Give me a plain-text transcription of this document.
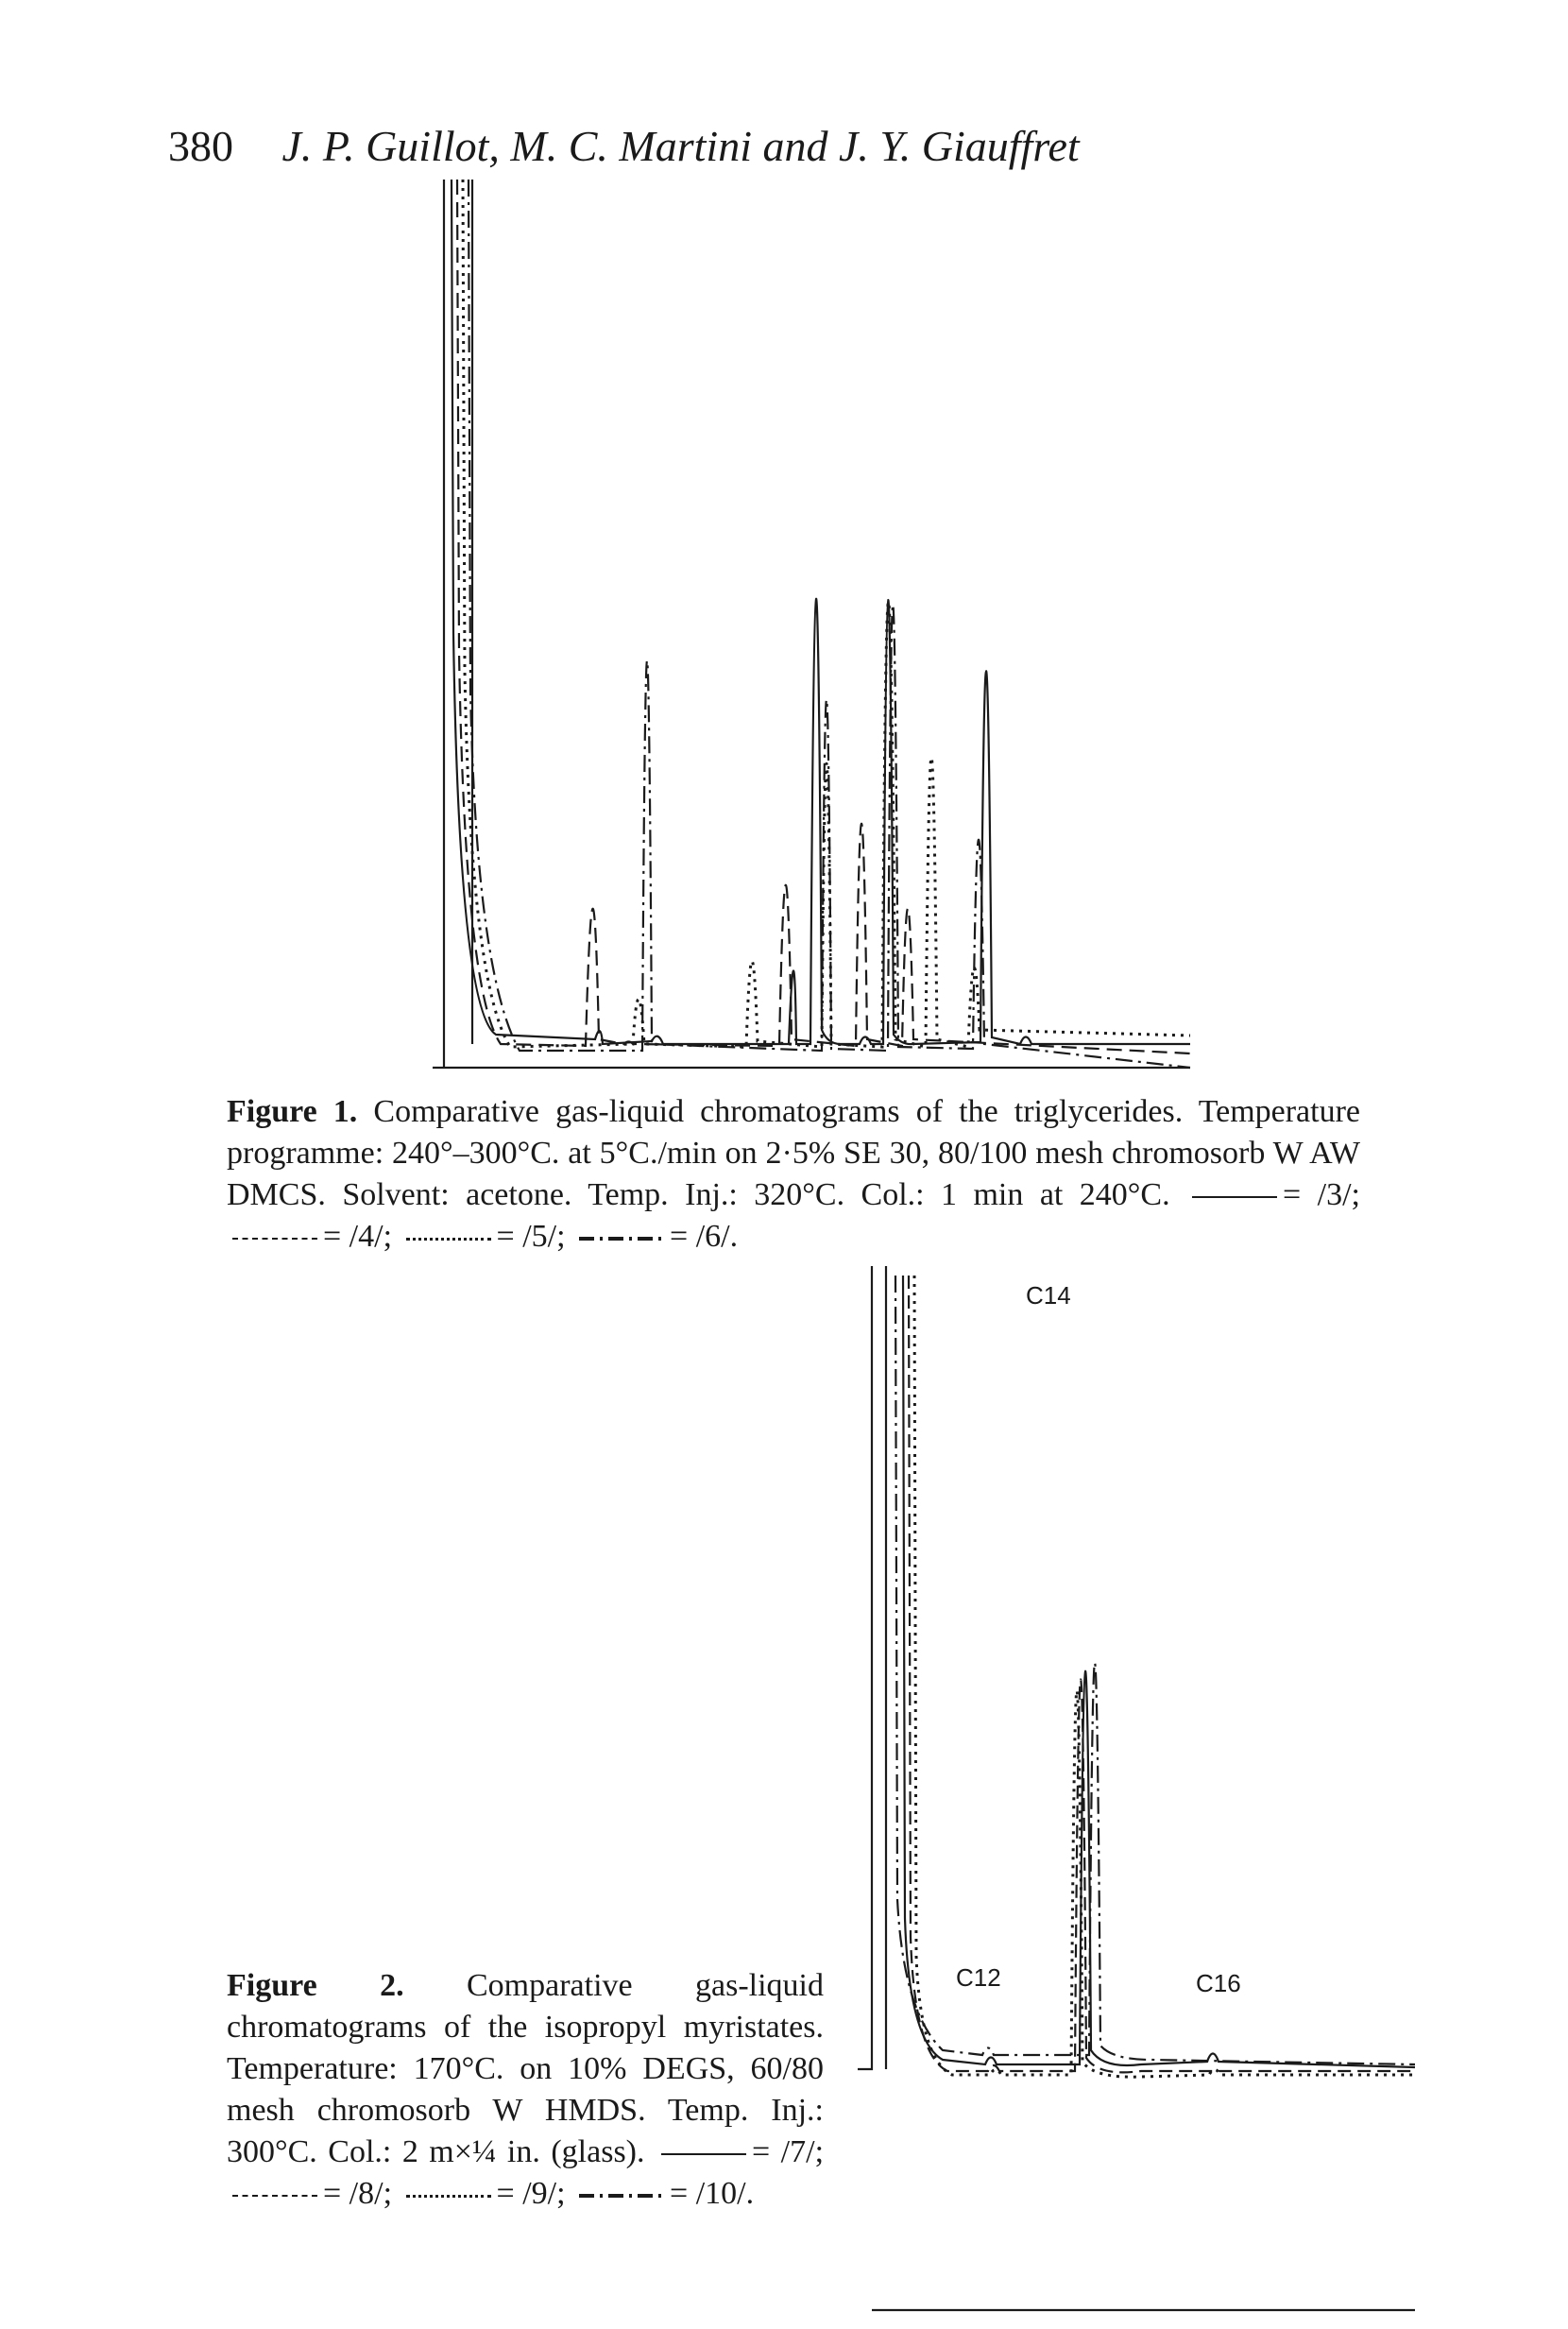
380 J. P. Guillot, M. C. Martini and J. Y. Giauffret
Figure 1. Comparative gas-liquid chromatograms of the triglycerides. Temperature programme: 240°–300°C. at 5°C./min on 2·5% SE 30, 80/100 mesh chromosorb W AW DMCS. Solvent: acetone. Temp. Inj.: 320°C. Col.: 1 min at 240°C.	= /3/; = /4/;	= /5/;	= /6/.
C12
C14
C16
Figure 2. Comparative gas-liquid chromatograms of the isopropyl myristates. Temperature: 170°C. on 10% DEGS, 60/80 mesh chromosorb W HMDS. Temp. Inj.: 300°C. Col.: 2 m×¼ in. (glass).	= /7/; = /8/;	= /9/;	= /10/.
